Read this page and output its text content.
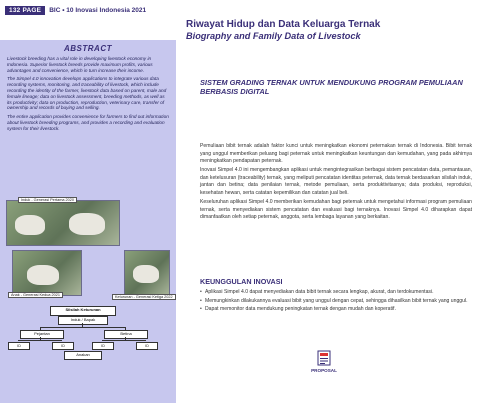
132 PAGE	BIC • 10 Inovasi Indonesia 2021
ABSTRACT

Livestock breeding has a vital role in developing livestock economy in Indonesia. Superior livestock breeds provide maximum profits, various advantages and convenience, which in turn increase their income.

The Simpel 4.0 innovation develops applications to integrate various data recording systems, monitoring, and traceability of livestock, which include recording the identity of the farmer, livestock data based on parent, male and female lineage; data on livestock assessment, breeding methods, as well as its productivity; data on production, reproduction, veterinary care, transfer of ownership and records of buying and selling.

The entire application provides convenience for farmers to find out information about livestock breeding programs, and provides a recording and evaluation system for their livestock.

Induk - Generasi Pertama 2020
Anak - Generasi Kedua 2021	Keturunan - Generasi Ketiga 2022
Silsilah Keturunan
Induk / Bapak
Pejantan	Betina
ID	ID	ID	ID
Anakan
Riwayat Hidup dan Data Keluarga Ternak
Biography and Family Data of Livestock
SISTEM GRADING TERNAK UNTUK MENDUKUNG PROGRAM PEMULIAAN BERBASIS DIGITAL

Pemuliaan bibit ternak adalah faktor kunci untuk meningkatkan ekonomi peternakan ternak di Indonesia. Bibit ternak yang unggul memberikan peluang bagi peternak untuk meningkatkan keuntungan dan kemudahan, yang pada akhirnya meningkatkan pendapatan peternak.

Inovasi Simpel 4.0 ini mengembangkan aplikasi untuk mengintegrasikan berbagai sistem pencatatan data, pemantauan, dan ketelusuran (traceability) ternak, yang meliputi pencatatan identitas peternak, data ternak berdasarkan silsilah induk, jantan dan betina; data penilaian ternak, metode pemuliaan, serta produktivitasnya; data produksi, reproduksi, kesehatan hewan, serta catatan kepemilikan dan catatan jual beli.

Keseluruhan aplikasi Simpel 4.0 memberikan kemudahan bagi peternak untuk mengetahui informasi program pemuliaan ternak, serta menyediakan sistem pencatatan dan evaluasi bagi ternaknya. Inovasi Simpel 4.0 diharapkan dapat dimanfaatkan oleh setiap peternak, anggota, serta lembaga layanan yang berkaitan.

KEUNGGULAN INOVASI
• Aplikasi Simpel 4.0 dapat menyediakan data bibit ternak secara lengkap, akurat, dan terdokumentasi.
• Memungkinkan dilakukannya evaluasi bibit yang unggul dengan cepat, sehingga dihasilkan bibit ternak yang unggul.
• Dapat memonitor data mendukung peningkatan ternak dengan mudah dan koperatif.
PROPOSAL
